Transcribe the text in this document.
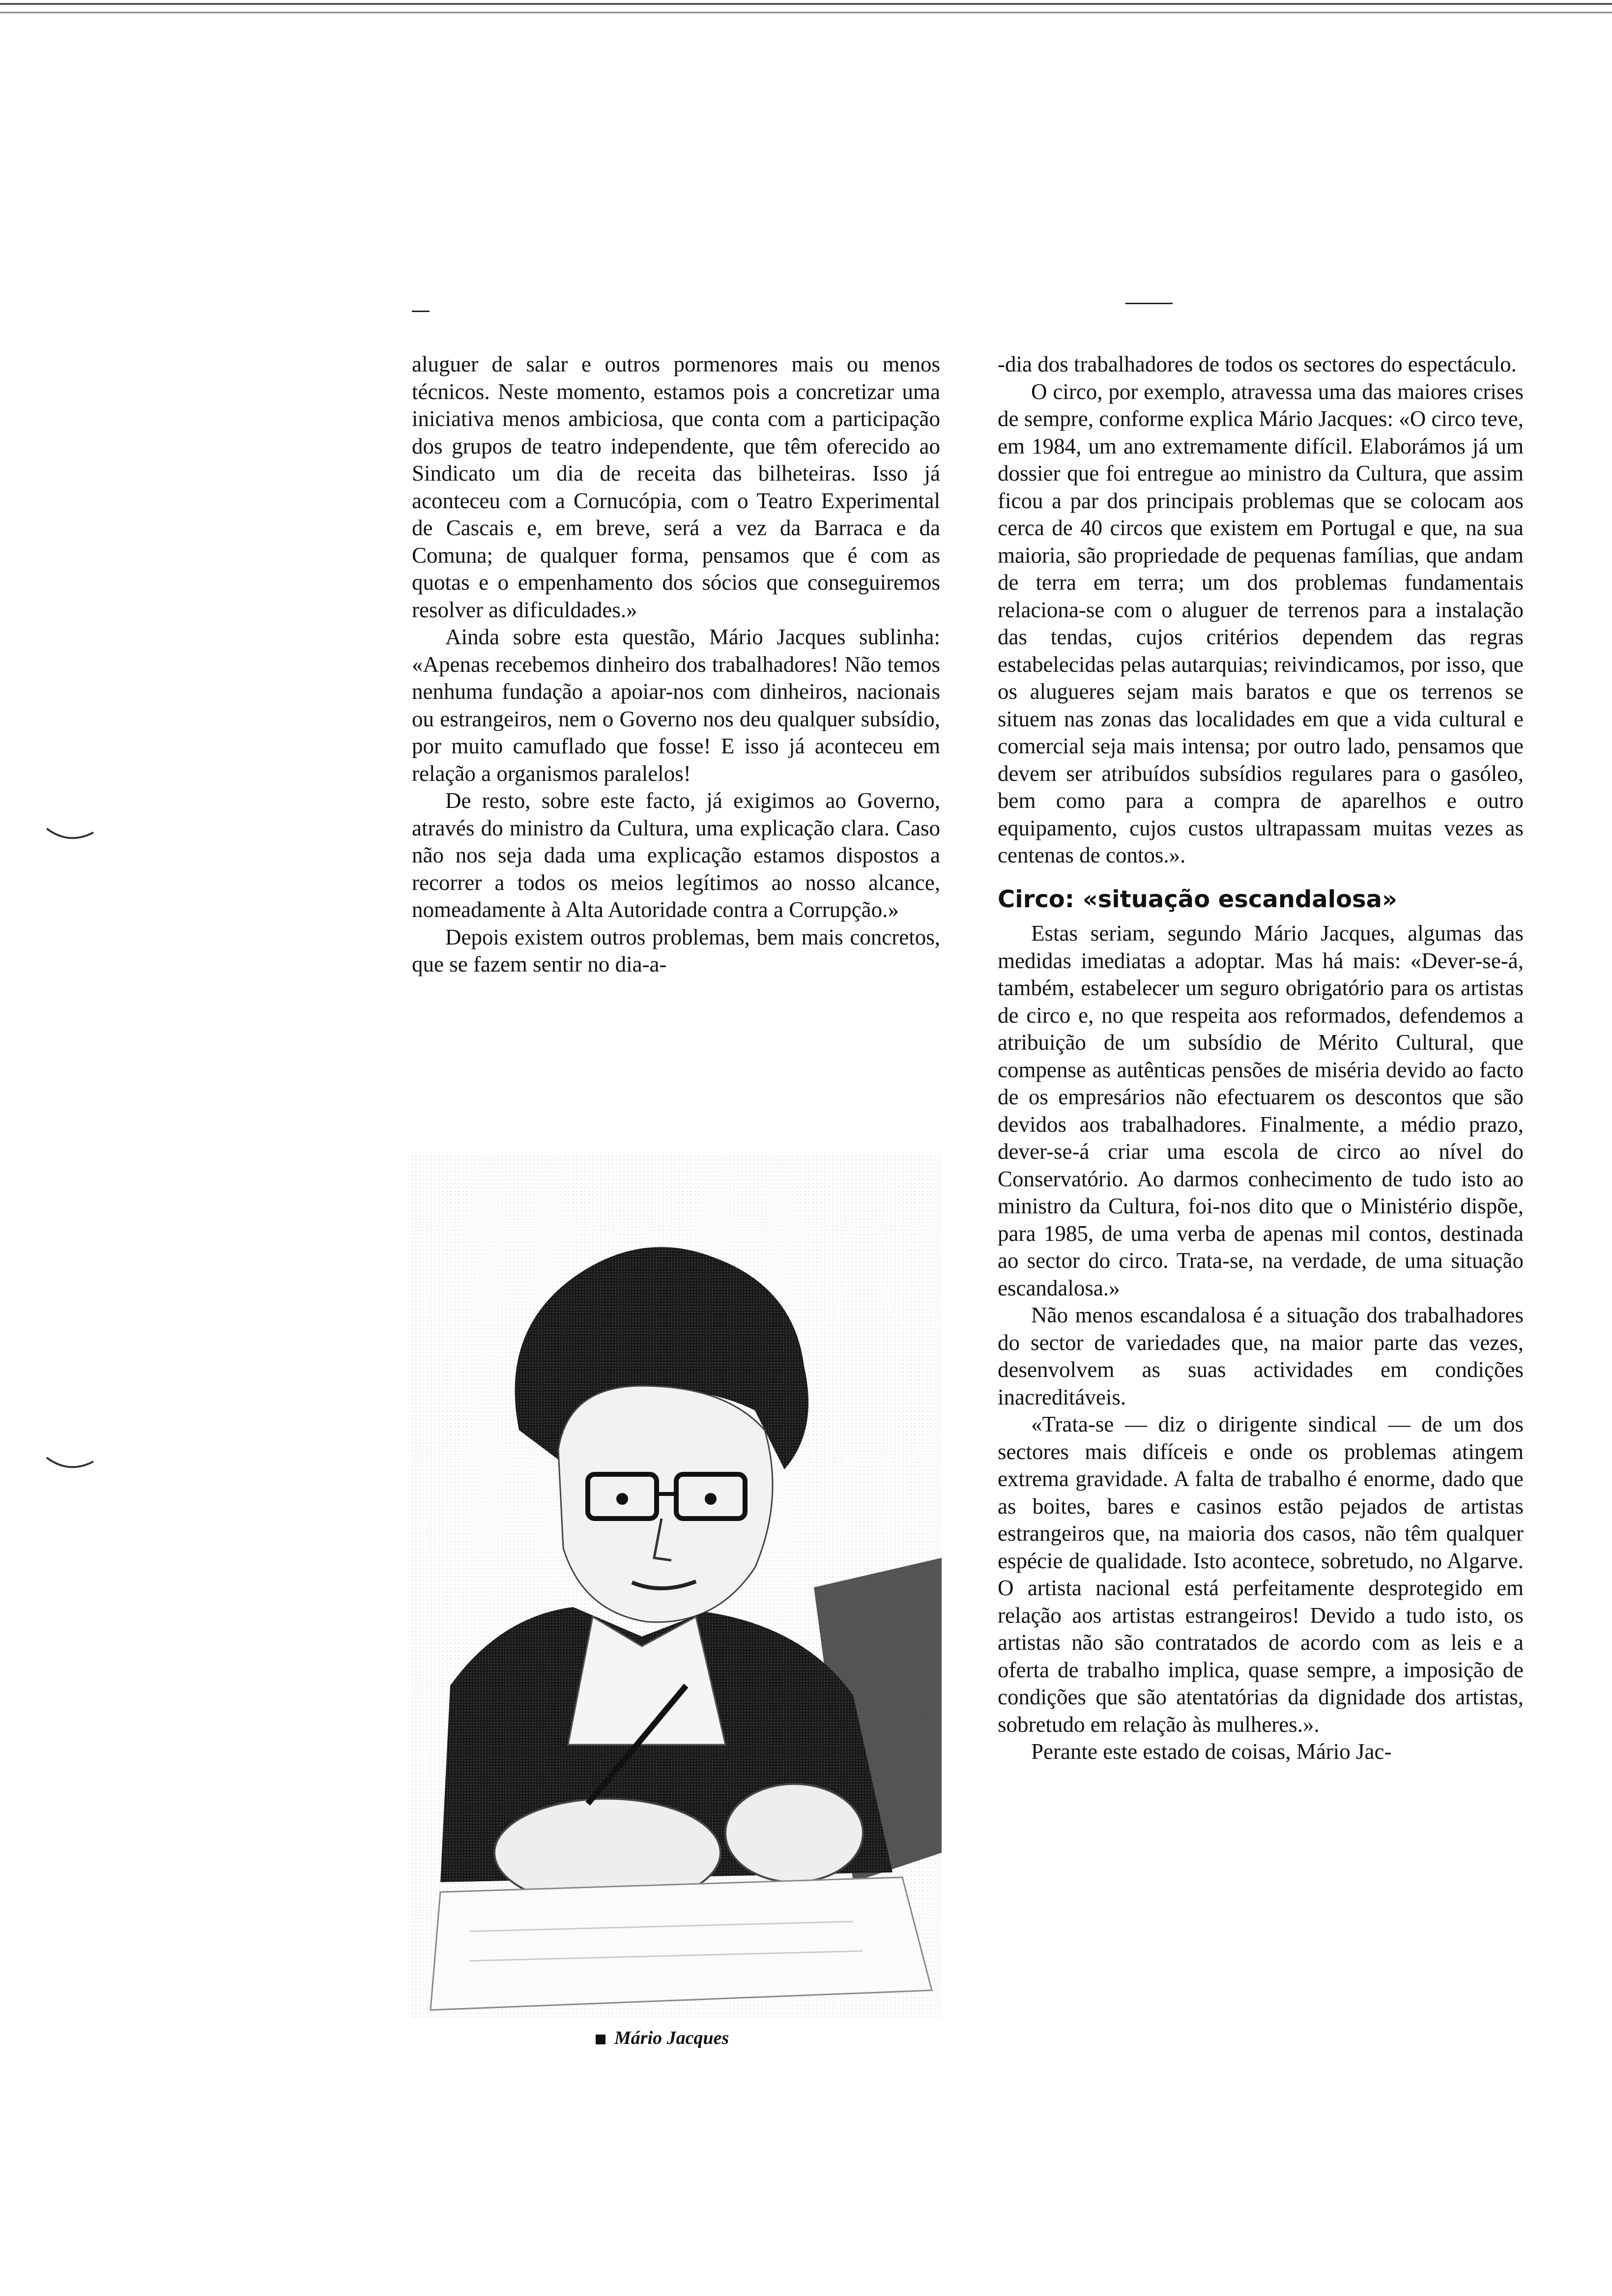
aluguer de salar e outros pormenores mais ou menos técnicos. Neste momento, estamos pois a concretizar uma iniciativa menos ambiciosa, que conta com a participação dos grupos de teatro independente, que têm oferecido ao Sindicato um dia de receita das bilheteiras. Isso já aconteceu com a Cornucópia, com o Teatro Experimental de Cascais e, em breve, será a vez da Barraca e da Comuna; de qualquer forma, pensamos que é com as quotas e o empenhamento dos sócios que conseguiremos resolver as dificuldades.»

Ainda sobre esta questão, Mário Jacques sublinha: «Apenas recebemos dinheiro dos trabalhadores! Não temos nenhuma fundação a apoiar-nos com dinheiros, nacionais ou estrangeiros, nem o Governo nos deu qualquer subsídio, por muito camuflado que fosse! E isso já aconteceu em relação a organismos paralelos!

De resto, sobre este facto, já exigimos ao Governo, através do ministro da Cultura, uma explicação clara. Caso não nos seja dada uma explicação estamos dispostos a recorrer a todos os meios legítimos ao nosso alcance, nomeadamente à Alta Autoridade contra a Corrupção.»

Depois existem outros problemas, bem mais concretos, que se fazem sentir no dia-a-

Mário Jacques

-dia dos trabalhadores de todos os sectores do espectáculo.

O circo, por exemplo, atravessa uma das maiores crises de sempre, conforme explica Mário Jacques: «O circo teve, em 1984, um ano extremamente difícil. Elaborámos já um dossier que foi entregue ao ministro da Cultura, que assim ficou a par dos principais problemas que se colocam aos cerca de 40 circos que existem em Portugal e que, na sua maioria, são propriedade de pequenas famílias, que andam de terra em terra; um dos problemas fundamentais relaciona-se com o aluguer de terrenos para a instalação das tendas, cujos critérios dependem das regras estabelecidas pelas autarquias; reivindicamos, por isso, que os alugueres sejam mais baratos e que os terrenos se situem nas zonas das localidades em que a vida cultural e comercial seja mais intensa; por outro lado, pensamos que devem ser atribuídos subsídios regulares para o gasóleo, bem como para a compra de aparelhos e outro equipamento, cujos custos ultrapassam muitas vezes as centenas de contos.».

Circo: «situação escandalosa»

Estas seriam, segundo Mário Jacques, algumas das medidas imediatas a adoptar. Mas há mais: «Dever-se-á, também, estabelecer um seguro obrigatório para os artistas de circo e, no que respeita aos reformados, defendemos a atribuição de um subsídio de Mérito Cultural, que compense as autênticas pensões de miséria devido ao facto de os empresários não efectuarem os descontos que são devidos aos trabalhadores. Finalmente, a médio prazo, dever-se-á criar uma escola de circo ao nível do Conservatório. Ao darmos conhecimento de tudo isto ao ministro da Cultura, foi-nos dito que o Ministério dispõe, para 1985, de uma verba de apenas mil contos, destinada ao sector do circo. Trata-se, na verdade, de uma situação escandalosa.»

Não menos escandalosa é a situação dos trabalhadores do sector de variedades que, na maior parte das vezes, desenvolvem as suas actividades em condições inacreditáveis.

«Trata-se — diz o dirigente sindical — de um dos sectores mais difíceis e onde os problemas atingem extrema gravidade. A falta de trabalho é enorme, dado que as boites, bares e casinos estão pejados de artistas estrangeiros que, na maioria dos casos, não têm qualquer espécie de qualidade. Isto acontece, sobretudo, no Algarve. O artista nacional está perfeitamente desprotegido em relação aos artistas estrangeiros! Devido a tudo isto, os artistas não são contratados de acordo com as leis e a oferta de trabalho implica, quase sempre, a imposição de condições que são atentatórias da dignidade dos artistas, sobretudo em relação às mulheres.».

Perante este estado de coisas, Mário Jac-
